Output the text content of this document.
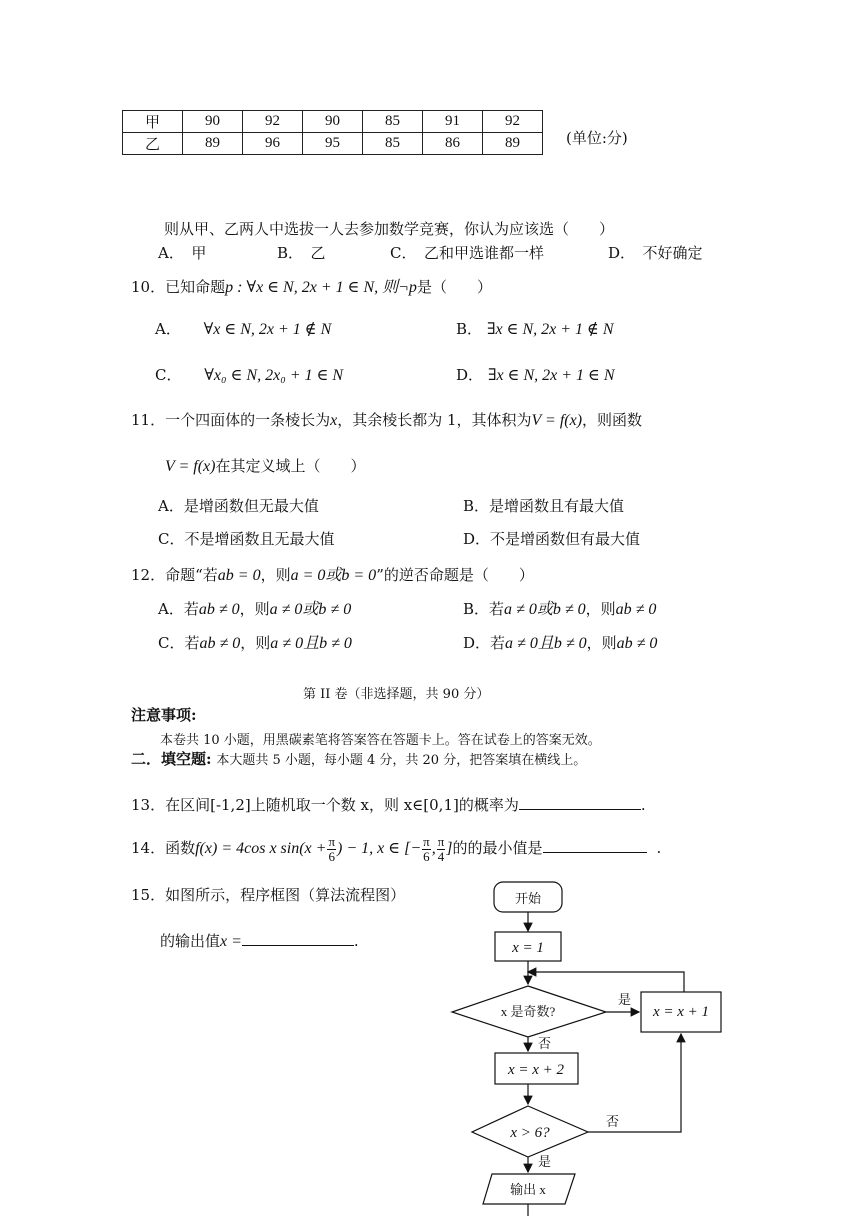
甲	90	92	90	85	91	92
乙	89	96	95	85	86	89	(单位:分)
则从甲、乙两人中选拔一人去参加数学竞赛，你认为应该选（　　）
A．　甲	B．　乙	C．　乙和甲选谁都一样	D．　不好确定
10．已知命题p : ∀x ∈ N, 2x + 1 ∈ N, 则¬p是（　　）
A． ∀x ∈ N, 2x + 1 ∉ N	B． ∃x ∈ N, 2x + 1 ∉ N
C． ∀x₀ ∈ N, 2x₀ + 1 ∈ N	D． ∃x ∈ N, 2x + 1 ∈ N
11．一个四面体的一条棱长为x，其余棱长都为 1，其体积为V = f(x)，则函数
V = f(x)在其定义域上（　　）
A．是增函数但无最大值	B．是增函数且有最大值
C．不是增函数且无最大值	D．不是增函数但有最大值
12．命题“若ab = 0，则a = 0或b = 0”的逆否命题是（　　）
A．若ab ≠ 0，则a ≠ 0或b ≠ 0	B．若a ≠ 0或b ≠ 0，则ab ≠ 0
C．若ab ≠ 0，则a ≠ 0且b ≠ 0	D．若a ≠ 0且b ≠ 0，则ab ≠ 0
第 II 卷（非选择题，共 90 分）
注意事项:
本卷共 10 小题，用黑碳素笔将答案答在答题卡上。答在试卷上的答案无效。
二．填空题: 本大题共 5 小题，每小题 4 分，共 20 分，把答案填在横线上。
13．在区间[-1,2]上随机取一个数 x，则 x∈[0,1]的概率为	.
14．函数f(x) = 4cos x $\sin(x + \frac{\pi}{6}$ ) − 1, x ∈ [− $\frac{\pi}{6}$ , $\frac{\pi}{4}$ ]的的最小值是	.
15．如图所示，程序框图（算法流程图）
的输出值x =	.
开始
x = 1
x 是奇数?
是
x = x + 1
否
x = x + 2
x > 6?
否
是
输出 x
